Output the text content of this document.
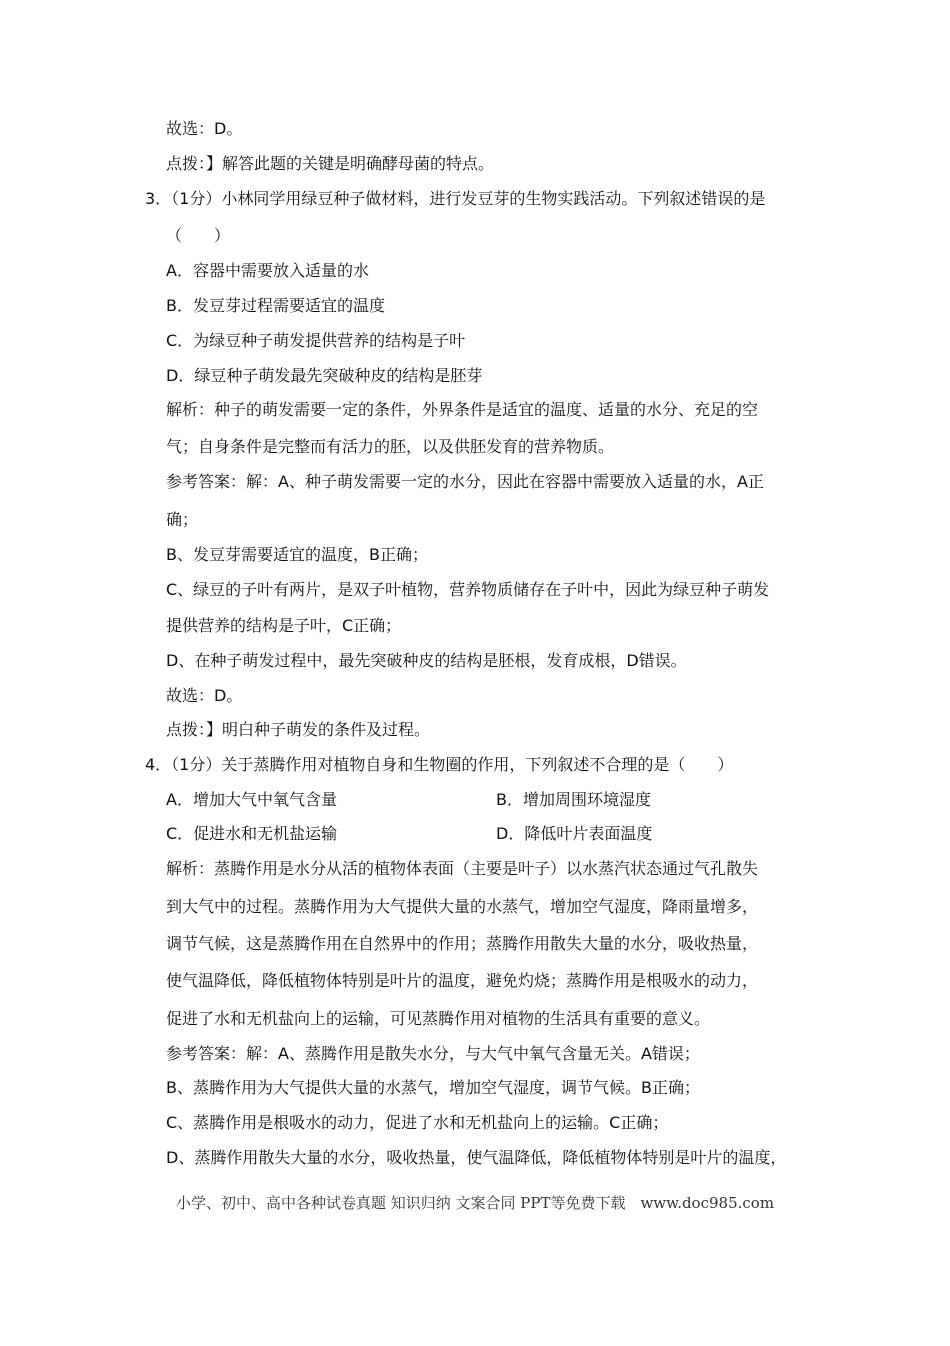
故选：D。
点拨：】解答此题的关键是明确酵母菌的特点。
3．（1分）小林同学用绿豆种子做材料，进行发豆芽的生物实践活动。下列叙述错误的是
（　　）
A．容器中需要放入适量的水
B．发豆芽过程需要适宜的温度
C．为绿豆种子萌发提供营养的结构是子叶
D．绿豆种子萌发最先突破种皮的结构是胚芽
解析：种子的萌发需要一定的条件，外界条件是适宜的温度、适量的水分、充足的空
气；自身条件是完整而有活力的胚，以及供胚发育的营养物质。
参考答案：解：A、种子萌发需要一定的水分，因此在容器中需要放入适量的水，A正
确；
B、发豆芽需要适宜的温度，B正确；
C、绿豆的子叶有两片，是双子叶植物，营养物质储存在子叶中，因此为绿豆种子萌发
提供营养的结构是子叶，C正确；
D、在种子萌发过程中，最先突破种皮的结构是胚根，发育成根，D错误。
故选：D。
点拨：】明白种子萌发的条件及过程。
4．（1分）关于蒸腾作用对植物自身和生物圈的作用，下列叙述不合理的是（　　）
A．增加大气中氧气含量	B．增加周围环境湿度
C．促进水和无机盐运输	D．降低叶片表面温度
解析：蒸腾作用是水分从活的植物体表面（主要是叶子）以水蒸汽状态通过气孔散失
到大气中的过程。蒸腾作用为大气提供大量的水蒸气，增加空气湿度，降雨量增多，
调节气候，这是蒸腾作用在自然界中的作用；蒸腾作用散失大量的水分，吸收热量，
使气温降低，降低植物体特别是叶片的温度，避免灼烧；蒸腾作用是根吸水的动力，
促进了水和无机盐向上的运输，可见蒸腾作用对植物的生活具有重要的意义。
参考答案：解：A、蒸腾作用是散失水分，与大气中氧气含量无关。A错误；
B、蒸腾作用为大气提供大量的水蒸气，增加空气湿度，调节气候。B正确；
C、蒸腾作用是根吸水的动力，促进了水和无机盐向上的运输。C正确；
D、蒸腾作用散失大量的水分，吸收热量，使气温降低，降低植物体特别是叶片的温度，
小学、初中、高中各种试卷真题 知识归纳 文案合同 PPT等免费下载　www.doc985.com
